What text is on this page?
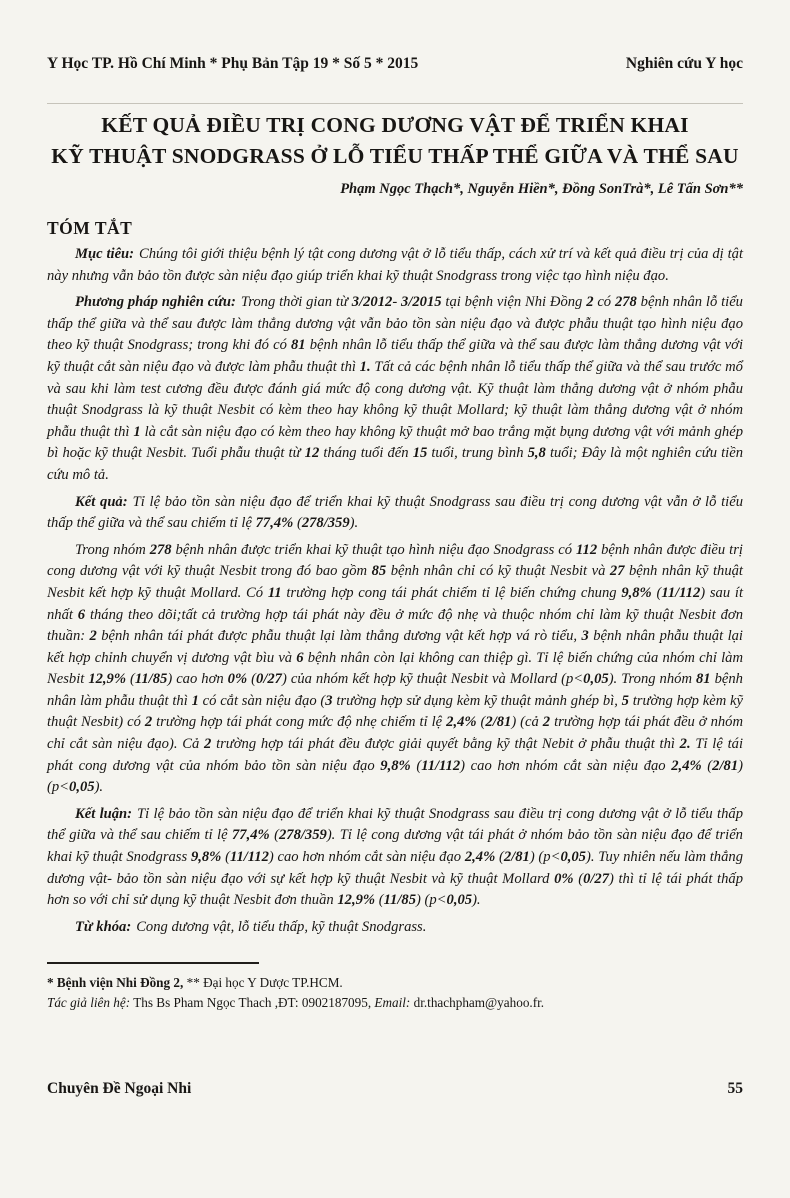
Y Học TP. Hồ Chí Minh * Phụ Bản Tập 19 * Số 5 * 2015	Nghiên cứu Y học
KẾT QUẢ ĐIỀU TRỊ CONG DƯƠNG VẬT ĐỂ TRIỂN KHAI
KỸ THUẬT SNODGRASS Ở LỖ TIỂU THẤP THỂ GIỮA VÀ THỂ SAU
Phạm Ngọc Thạch*, Nguyễn Hiền*, Đồng SonTrà*, Lê Tấn Sơn**
TÓM TẮT

Mục tiêu: Chúng tôi giới thiệu bệnh lý tật cong dương vật ở lỗ tiểu thấp, cách xử trí và kết quả điều trị của dị tật này nhưng vẫn bảo tồn được sàn niệu đạo giúp triển khai kỹ thuật Snodgrass trong việc tạo hình niệu đạo.

Phương pháp nghiên cứu: Trong thời gian từ 3/2012- 3/2015 tại bệnh viện Nhi Đồng 2 có 278 bệnh nhân lỗ tiểu thấp thể giữa và thể sau được làm thẳng dương vật vẫn bảo tồn sàn niệu đạo và được phẫu thuật tạo hình niệu đạo theo kỹ thuật Snodgrass; trong khi đó có 81 bệnh nhân lỗ tiểu thấp thể giữa và thể sau được làm thẳng dương vật với kỹ thuật cắt sàn niệu đạo và được làm phẫu thuật thì 1. Tất cả các bệnh nhân lỗ tiểu thấp thể giữa và thể sau trước mổ và sau khi làm test cương đều được đánh giá mức độ cong dương vật. Kỹ thuật làm thẳng dương vật ở nhóm phẫu thuật Snodgrass là kỹ thuật Nesbit có kèm theo hay không kỹ thuật Mollard; kỹ thuật làm thẳng dương vật ở nhóm phẫu thuật thì 1 là cắt sàn niệu đạo có kèm theo hay không kỹ thuật mở bao trắng mặt bụng dương vật với mảnh ghép bì hoặc kỹ thuật Nesbit. Tuổi phẫu thuật từ 12 tháng tuổi đến 15 tuổi, trung bình 5,8 tuổi; Đây là một nghiên cứu tiền cứu mô tả.

Kết quả: Tỉ lệ bảo tồn sàn niệu đạo để triển khai kỹ thuật Snodgrass sau điều trị cong dương vật vẫn ở lỗ tiểu thấp thể giữa và thể sau chiếm tỉ lệ 77,4% (278/359).

Trong nhóm 278 bệnh nhân được triển khai kỹ thuật tạo hình niệu đạo Snodgrass có 112 bệnh nhân được điều trị cong dương vật với kỹ thuật Nesbit trong đó bao gồm 85 bệnh nhân chỉ có kỹ thuật Nesbit và 27 bệnh nhân kỹ thuật Nesbit kết hợp kỹ thuật Mollard. Có 11 trường hợp cong tái phát chiếm tỉ lệ biến chứng chung 9,8% (11/112) sau ít nhất 6 tháng theo dõi;tất cả trường hợp tái phát này đều ở mức độ nhẹ và thuộc nhóm chỉ làm kỹ thuật Nesbit đơn thuần: 2 bệnh nhân tái phát được phẫu thuật lại làm thẳng dương vật kết hợp vá rò tiểu, 3 bệnh nhân phẫu thuật lại kết hợp chỉnh chuyển vị dương vật bìu và 6 bệnh nhân còn lại không can thiệp gì. Tỉ lệ biến chứng của nhóm chỉ làm Nesbit 12,9% (11/85) cao hơn 0% (0/27) của nhóm kết hợp kỹ thuật Nesbit và Mollard (p<0,05). Trong nhóm 81 bệnh nhân làm phẫu thuật thì 1 có cắt sàn niệu đạo (3 trường hợp sử dụng kèm kỹ thuật mảnh ghép bì, 5 trường hợp kèm kỹ thuật Nesbit) có 2 trường hợp tái phát cong mức độ nhẹ chiếm tỉ lệ 2,4% (2/81) (cả 2 trường hợp tái phát đều ở nhóm chỉ cắt sàn niệu đạo). Cả 2 trường hợp tái phát đều được giải quyết bằng kỹ thật Nebit ở phẫu thuật thì 2. Tỉ lệ tái phát cong dương vật của nhóm bảo tồn sàn niệu đạo 9,8% (11/112) cao hơn nhóm cắt sàn niệu đạo 2,4% (2/81) (p<0,05).

Kết luận: Tỉ lệ bảo tồn sàn niệu đạo để triển khai kỹ thuật Snodgrass sau điều trị cong dương vật ở lỗ tiểu thấp thể giữa và thể sau chiếm tỉ lệ 77,4% (278/359). Tỉ lệ cong dương vật tái phát ở nhóm bảo tồn sàn niệu đạo để triển khai kỹ thuật Snodgrass 9,8% (11/112) cao hơn nhóm cắt sàn niệu đạo 2,4% (2/81) (p<0,05). Tuy nhiên nếu làm thẳng dương vật- bảo tồn sàn niệu đạo với sự kết hợp kỹ thuật Nesbit và kỹ thuật Mollard 0% (0/27) thì tỉ lệ tái phát thấp hơn so với chỉ sử dụng kỹ thuật Nesbit đơn thuần 12,9% (11/85) (p<0,05).

Từ khóa: Cong dương vật, lỗ tiểu thấp, kỹ thuật Snodgrass.

* Bệnh viện Nhi Đồng 2, ** Đại học Y Dược TP.HCM.
Tác giả liên hệ: Ths Bs Pham Ngọc Thach ,ĐT: 0902187095, Email: dr.thachpham@yahoo.fr.
Chuyên Đề Ngoại Nhi	55
